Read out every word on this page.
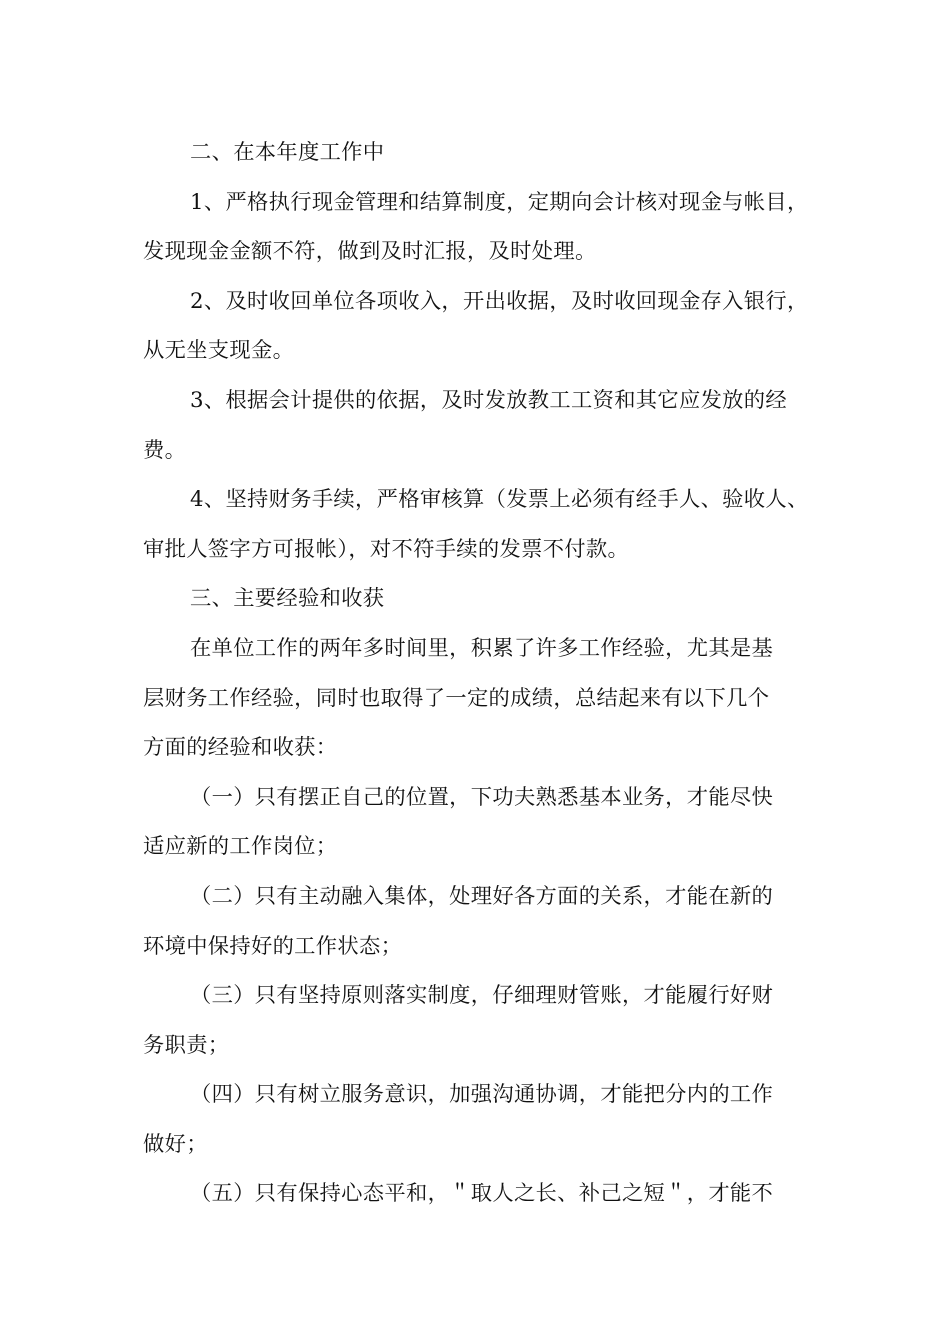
二、在本年度工作中
1、严格执行现金管理和结算制度，定期向会计核对现金与帐目，
发现现金金额不符，做到及时汇报，及时处理。
2、及时收回单位各项收入，开出收据，及时收回现金存入银行，
从无坐支现金。
3、根据会计提供的依据，及时发放教工工资和其它应发放的经
费。
4、坚持财务手续，严格审核算（发票上必须有经手人、验收人、
审批人签字方可报帐），对不符手续的发票不付款。
三、主要经验和收获
在单位工作的两年多时间里，积累了许多工作经验，尤其是基
层财务工作经验，同时也取得了一定的成绩，总结起来有以下几个
方面的经验和收获：
（一）只有摆正自己的位置，下功夫熟悉基本业务，才能尽快
适应新的工作岗位；
（二）只有主动融入集体，处理好各方面的关系，才能在新的
环境中保持好的工作状态；
（三）只有坚持原则落实制度，仔细理财管账，才能履行好财
务职责；
（四）只有树立服务意识，加强沟通协调，才能把分内的工作
做好；
（五）只有保持心态平和，＂取人之长、补己之短＂，才能不
